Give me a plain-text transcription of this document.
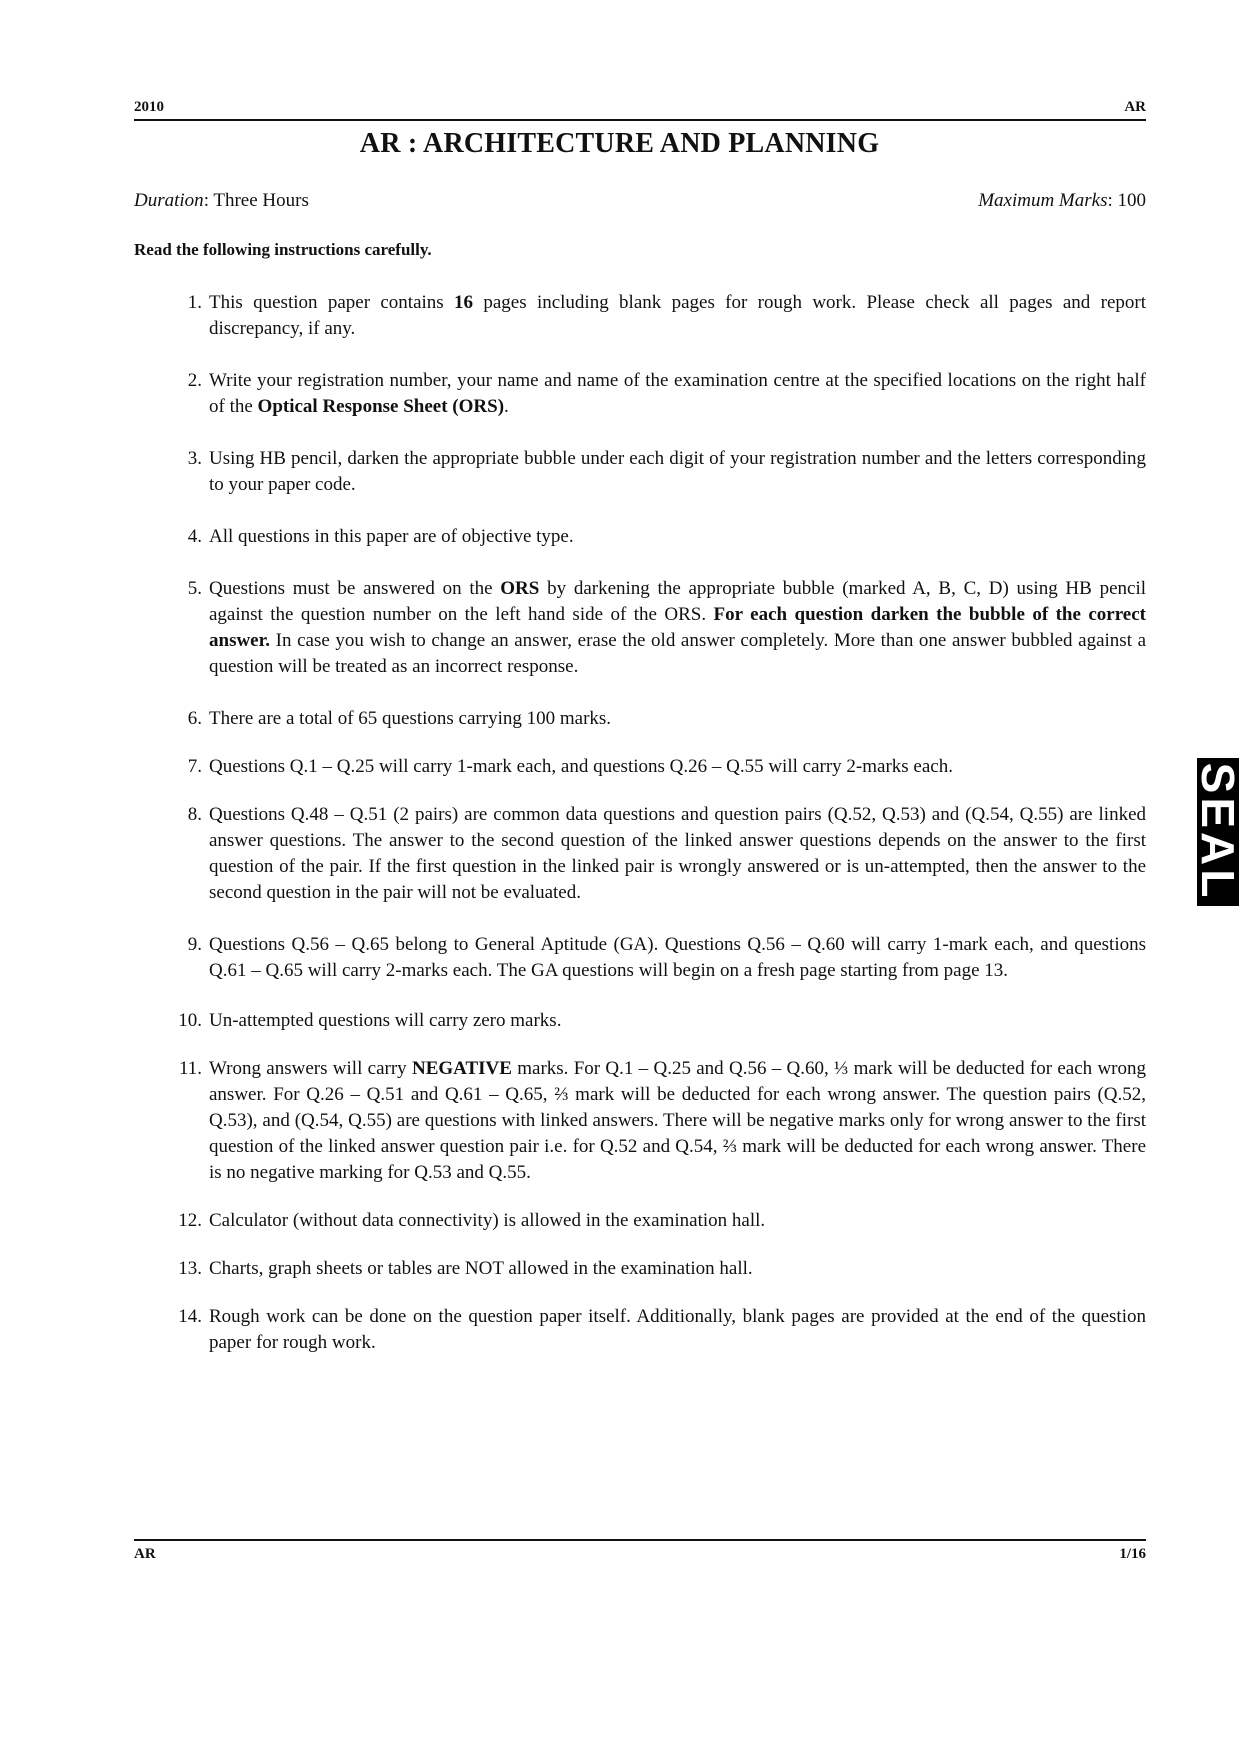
2010	AR
AR : ARCHITECTURE AND PLANNING
Duration: Three Hours	Maximum Marks: 100
Read the following instructions carefully.
1. This question paper contains 16 pages including blank pages for rough work. Please check all pages and report discrepancy, if any.
2. Write your registration number, your name and name of the examination centre at the specified locations on the right half of the Optical Response Sheet (ORS).
3. Using HB pencil, darken the appropriate bubble under each digit of your registration number and the letters corresponding to your paper code.
4. All questions in this paper are of objective type.
5. Questions must be answered on the ORS by darkening the appropriate bubble (marked A, B, C, D) using HB pencil against the question number on the left hand side of the ORS. For each question darken the bubble of the correct answer. In case you wish to change an answer, erase the old answer completely. More than one answer bubbled against a question will be treated as an incorrect response.
6. There are a total of 65 questions carrying 100 marks.
7. Questions Q.1 – Q.25 will carry 1-mark each, and questions Q.26 – Q.55 will carry 2-marks each.
8. Questions Q.48 – Q.51 (2 pairs) are common data questions and question pairs (Q.52, Q.53) and (Q.54, Q.55) are linked answer questions. The answer to the second question of the linked answer questions depends on the answer to the first question of the pair. If the first question in the linked pair is wrongly answered or is un-attempted, then the answer to the second question in the pair will not be evaluated.
9. Questions Q.56 – Q.65 belong to General Aptitude (GA). Questions Q.56 – Q.60 will carry 1-mark each, and questions Q.61 – Q.65 will carry 2-marks each. The GA questions will begin on a fresh page starting from page 13.
10. Un-attempted questions will carry zero marks.
11. Wrong answers will carry NEGATIVE marks. For Q.1 – Q.25 and Q.56 – Q.60, ⅓ mark will be deducted for each wrong answer. For Q.26 – Q.51 and Q.61 – Q.65, ⅔ mark will be deducted for each wrong answer. The question pairs (Q.52, Q.53), and (Q.54, Q.55) are questions with linked answers. There will be negative marks only for wrong answer to the first question of the linked answer question pair i.e. for Q.52 and Q.54, ⅔ mark will be deducted for each wrong answer. There is no negative marking for Q.53 and Q.55.
12. Calculator (without data connectivity) is allowed in the examination hall.
13. Charts, graph sheets or tables are NOT allowed in the examination hall.
14. Rough work can be done on the question paper itself. Additionally, blank pages are provided at the end of the question paper for rough work.
SEAL
AR	1/16
